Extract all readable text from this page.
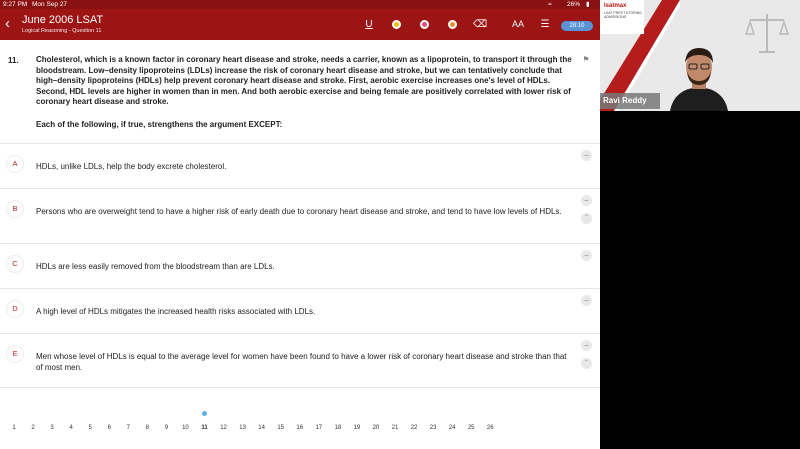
9:27 PM Mon Sep 27	≈ 26% ▮
‹	June 2006 LSAT
Logical Reasoning - Question 11
U	⌫	AA ☰	28:10
11. Cholesterol, which is a known factor in coronary heart disease and stroke, needs a carrier, known as a lipoprotein, to transport it through the bloodstream. Low–density lipoproteins (LDLs) increase the risk of coronary heart disease and stroke, but we can tentatively conclude that high–density lipoproteins (HDLs) help prevent coronary heart disease and stroke. First, aerobic exercise increases one's level of HDLs. Second, HDL levels are higher in women than in men. And both aerobic exercise and being female are positively correlated with lower risk of coronary heart disease and stroke.
Each of the following, if true, strengthens the argument EXCEPT:
⚑
A	HDLs, unlike LDLs, help the body excrete cholesterol.
−
B	Persons who are overweight tend to have a higher risk of early death due to coronary heart disease and stroke, and tend to have low levels of HDLs.
−
ˆ
C	HDLs are less easily removed from the bloodstream than are LDLs.
−
D	A high level of HDLs mitigates the increased health risks associated with LDLs.
−
E	Men whose level of HDLs is equal to the average level for women have been found to have a lower risk of coronary heart disease and stroke than that of most men.
−
ˆ
1	2	3	4	5	6	7	8	9	10	11	12	13	14	15	16	17	18	19	20	21	22	23	24	25	26
lsatmax
LSAT PREP TUTORING ADMISSIONS
Ravi Reddy
